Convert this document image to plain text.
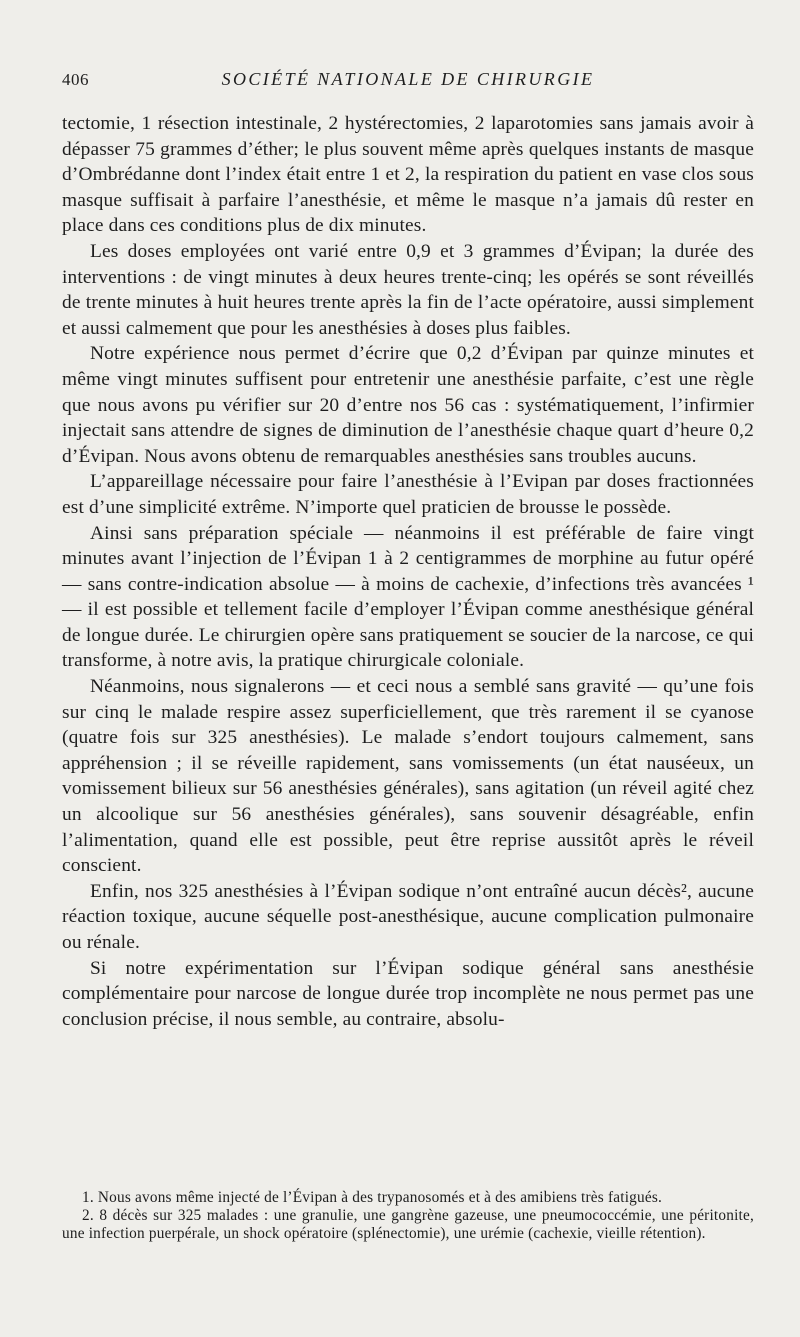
406	SOCIÉTÉ NATIONALE DE CHIRURGIE

tectomie, 1 résection intestinale, 2 hystérectomies, 2 laparotomies sans jamais avoir à dépasser 75 grammes d’éther; le plus souvent même après quelques instants de masque d’Ombrédanne dont l’index était entre 1 et 2, la respiration du patient en vase clos sous masque suffisait à parfaire l’anesthésie, et même le masque n’a jamais dû rester en place dans ces conditions plus de dix minutes.

Les doses employées ont varié entre 0,9 et 3 grammes d’Évipan; la durée des interventions : de vingt minutes à deux heures trente-cinq; les opérés se sont réveillés de trente minutes à huit heures trente après la fin de l’acte opératoire, aussi simplement et aussi calmement que pour les anesthésies à doses plus faibles.

Notre expérience nous permet d’écrire que 0,2 d’Évipan par quinze minutes et même vingt minutes suffisent pour entretenir une anesthésie parfaite, c’est une règle que nous avons pu vérifier sur 20 d’entre nos 56 cas : systématiquement, l’infirmier injectait sans attendre de signes de diminution de l’anesthésie chaque quart d’heure 0,2 d’Évipan. Nous avons obtenu de remarquables anesthésies sans troubles aucuns.

L’appareillage nécessaire pour faire l’anesthésie à l’Evipan par doses fractionnées est d’une simplicité extrême. N’importe quel praticien de brousse le possède.

Ainsi sans préparation spéciale — néanmoins il est préférable de faire vingt minutes avant l’injection de l’Évipan 1 à 2 centigrammes de morphine au futur opéré — sans contre-indication absolue — à moins de cachexie, d’infections très avancées ¹ — il est possible et tellement facile d’employer l’Évipan comme anesthésique général de longue durée. Le chirurgien opère sans pratiquement se soucier de la narcose, ce qui transforme, à notre avis, la pratique chirurgicale coloniale.

Néanmoins, nous signalerons — et ceci nous a semblé sans gravité — qu’une fois sur cinq le malade respire assez superficiellement, que très rarement il se cyanose (quatre fois sur 325 anesthésies). Le malade s’endort toujours calmement, sans appréhension ; il se réveille rapidement, sans vomissements (un état nauséeux, un vomissement bilieux sur 56 anesthésies générales), sans agitation (un réveil agité chez un alcoolique sur 56 anesthésies générales), sans souvenir désagréable, enfin l’alimentation, quand elle est possible, peut être reprise aussitôt après le réveil conscient.

Enfin, nos 325 anesthésies à l’Évipan sodique n’ont entraîné aucun décès², aucune réaction toxique, aucune séquelle post-anesthésique, aucune complication pulmonaire ou rénale.

Si notre expérimentation sur l’Évipan sodique général sans anesthésie complémentaire pour narcose de longue durée trop incomplète ne nous permet pas une conclusion précise, il nous semble, au contraire, absolu-

1. Nous avons même injecté de l’Évipan à des trypanosomés et à des amibiens très fatigués.

2. 8 décès sur 325 malades : une granulie, une gangrène gazeuse, une pneumococcémie, une péritonite, une infection puerpérale, un shock opératoire (splénectomie), une urémie (cachexie, vieille rétention).
